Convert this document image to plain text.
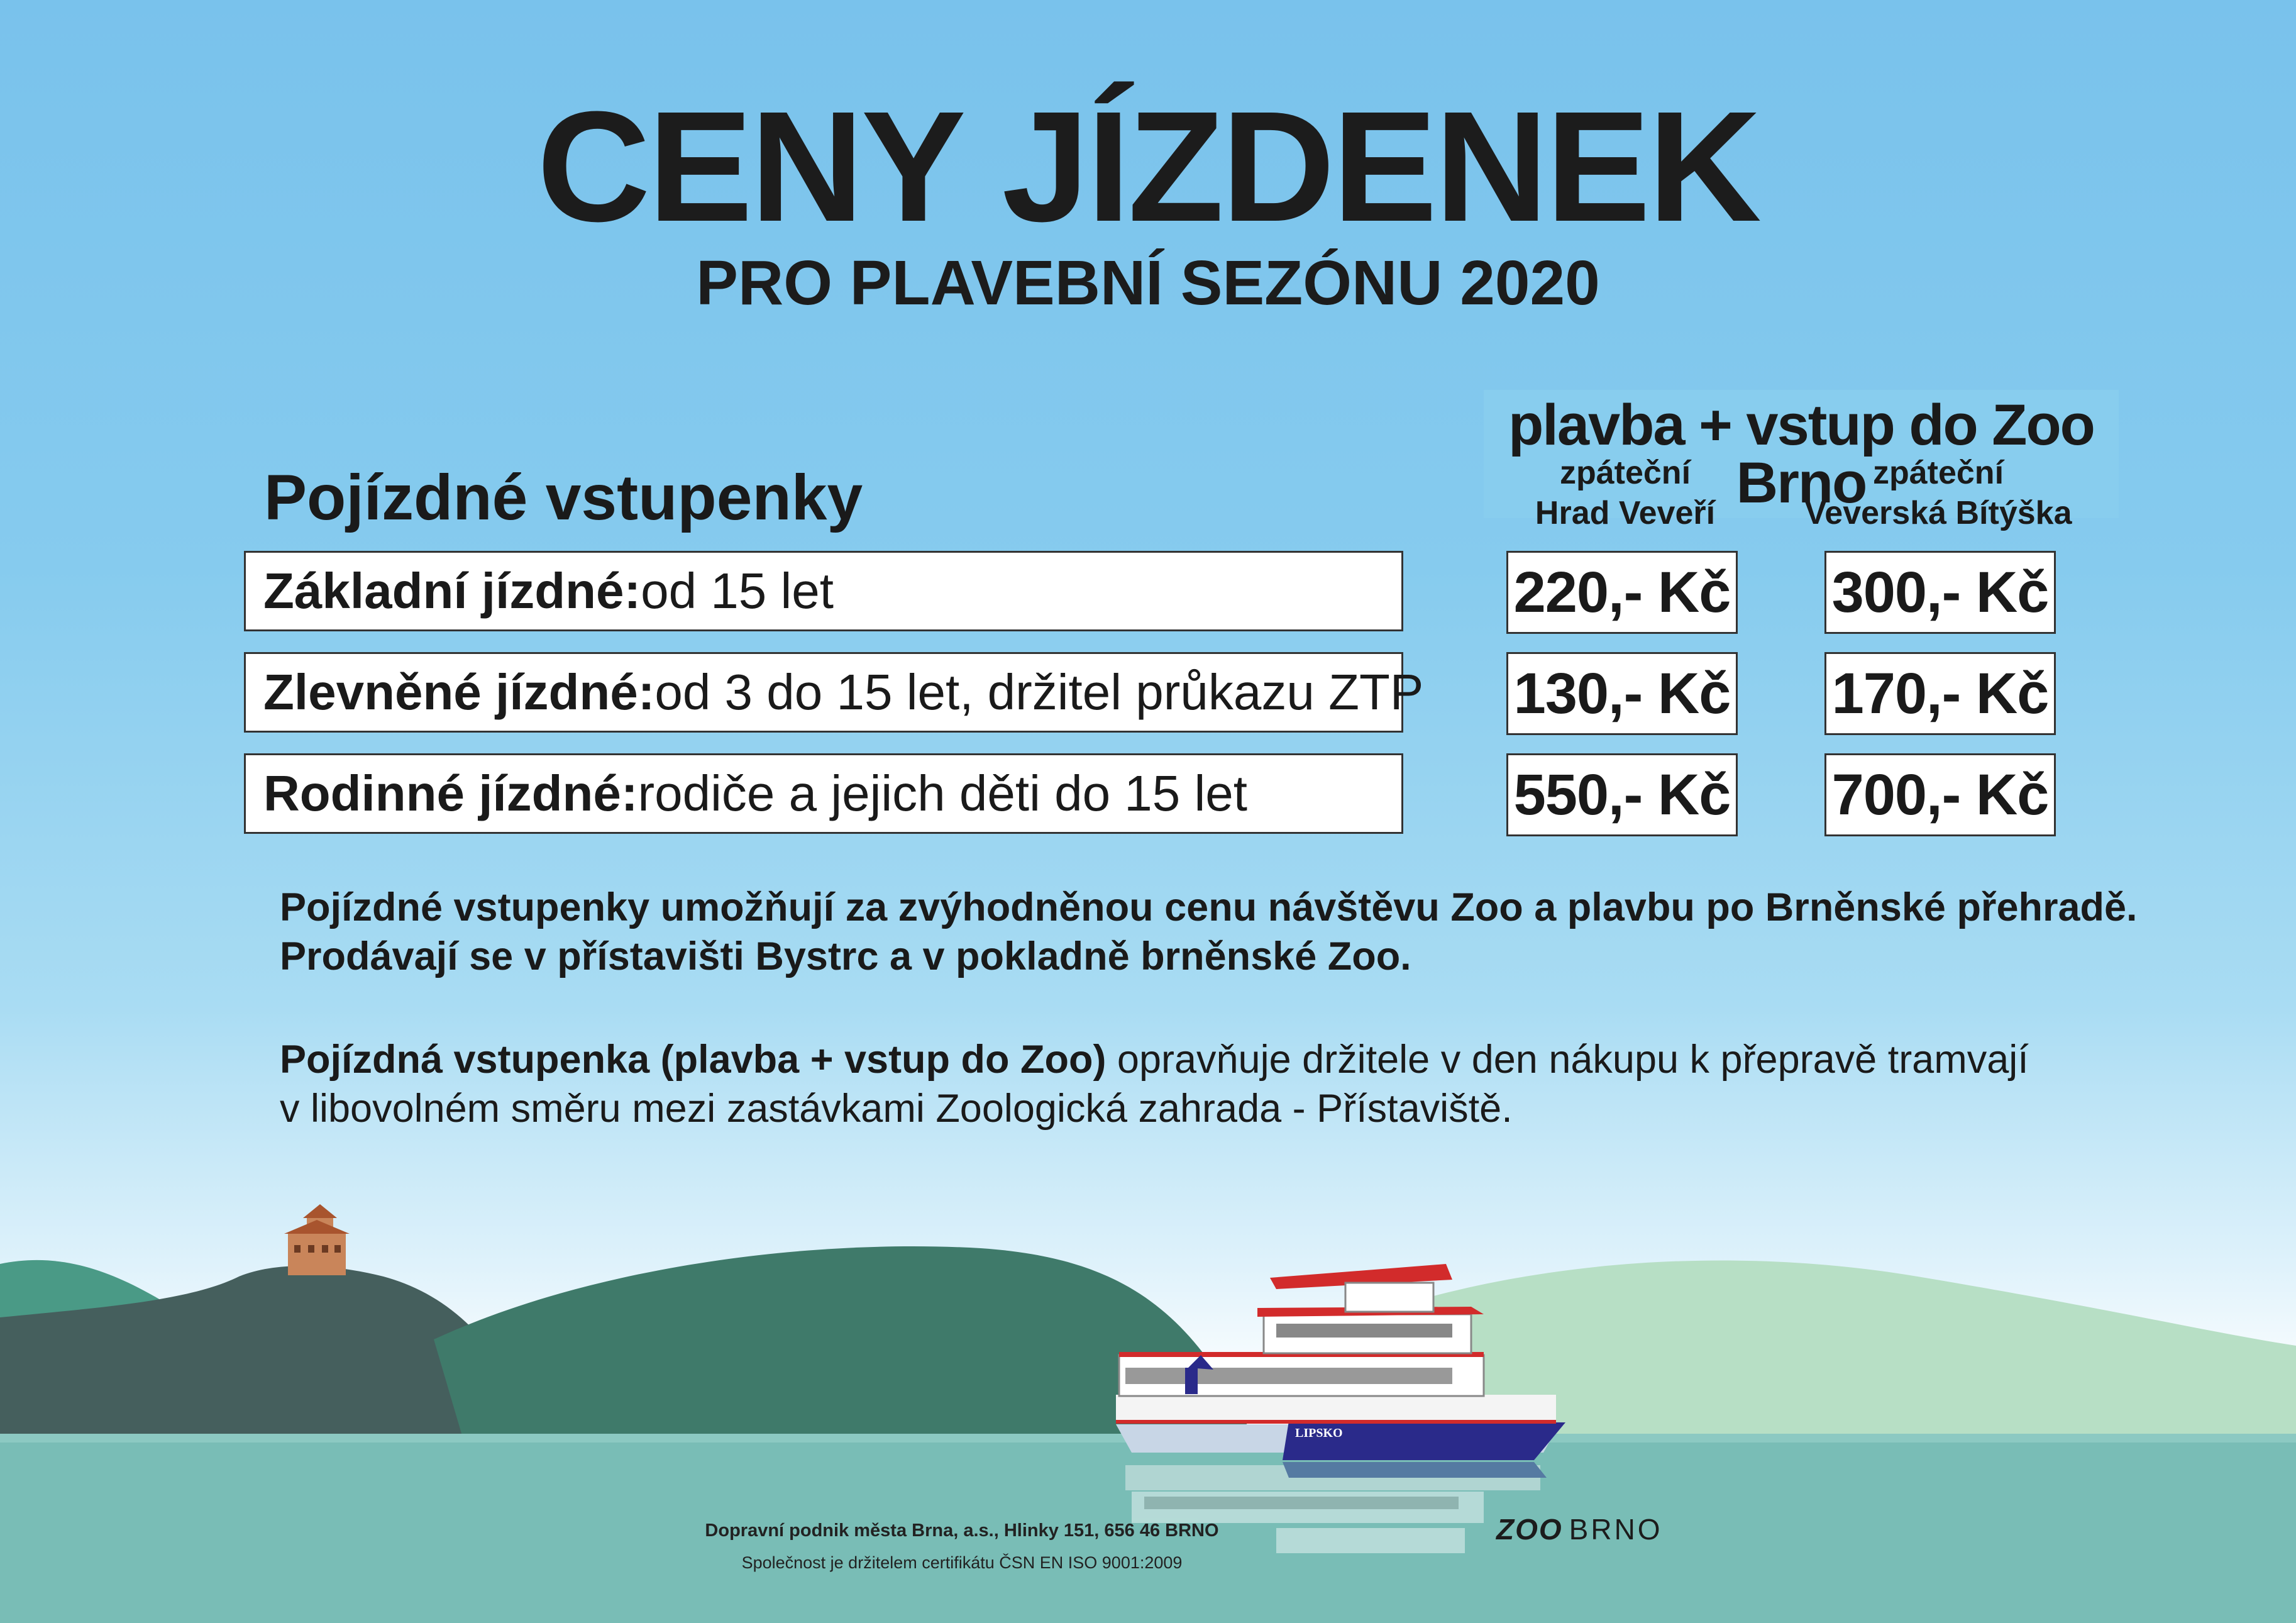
CENY JÍZDENEK
PRO PLAVEBNÍ SEZÓNU 2020
plavba + vstup do Zoo Brno
zpáteční
Hrad Veveří
zpáteční
Veverská Bítýška
Pojízdné vstupenky
Základní jízdné: od 15 let
Zlevněné jízdné: od 3 do 15 let, držitel průkazu ZTP
Rodinné jízdné: rodiče a jejich děti do 15 let
220,- Kč 300,- Kč
130,- Kč 170,- Kč
550,- Kč 700,- Kč
Pojízdné vstupenky umožňují za zvýhodněnou cenu návštěvu Zoo a plavbu po Brněnské přehradě.
Prodávají se v přístavišti Bystrc a v pokladně brněnské Zoo.
Pojízdná vstupenka (plavba + vstup do Zoo) opravňuje držitele v den nákupu k přepravě tramvají
v libovolném směru mezi zastávkami Zoologická zahrada - Přístaviště.
LIPSKO
Dopravní podnik města Brna, a.s., Hlinky 151, 656 46 BRNO
Společnost je držitelem certifikátu ČSN EN ISO 9001:2009
ZOO BRNO
